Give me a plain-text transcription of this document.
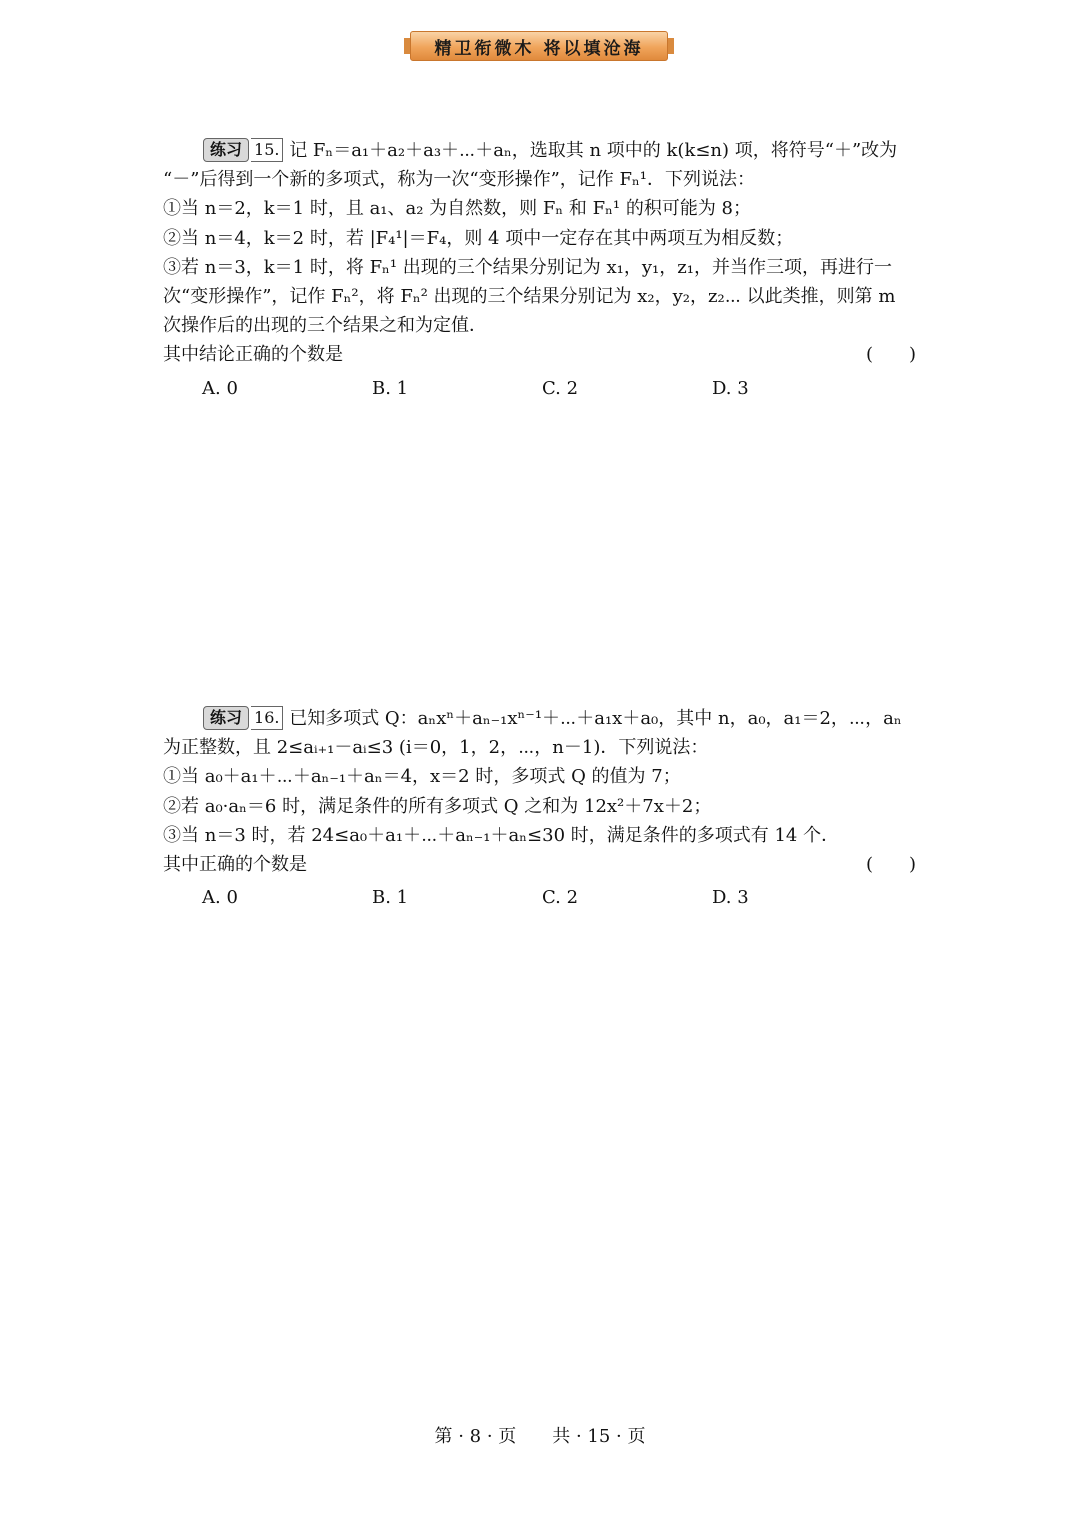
精卫衔微木 将以填沧海
练习 15. 记 Fₙ＝a₁＋a₂＋a₃＋⋯＋aₙ，选取其 n 项中的 k(k≤n) 项，将符号“＋”改为
“－”后得到一个新的多项式，称为一次“变形操作”，记作 Fₙ¹．下列说法：
①当 n＝2，k＝1 时，且 a₁、a₂ 为自然数，则 Fₙ 和 Fₙ¹ 的积可能为 8；
②当 n＝4，k＝2 时，若 |F₄¹|＝F₄，则 4 项中一定存在其中两项互为相反数；
③若 n＝3，k＝1 时，将 Fₙ¹ 出现的三个结果分别记为 x₁，y₁，z₁，并当作三项，再进行一
次“变形操作”，记作 Fₙ²，将 Fₙ² 出现的三个结果分别记为 x₂，y₂，z₂⋯ 以此类推，则第 m
次操作后的出现的三个结果之和为定值．
其中结论正确的个数是	(　　)
A. 0	B. 1	C. 2	D. 3
练习 16. 已知多项式 Q：aₙxⁿ＋aₙ₋₁xⁿ⁻¹＋⋯＋a₁x＋a₀，其中 n，a₀，a₁＝2，⋯，aₙ
为正整数，且 2≤aᵢ₊₁－aᵢ≤3 (i＝0，1，2，⋯，n－1)．下列说法：
①当 a₀＋a₁＋⋯＋aₙ₋₁＋aₙ＝4，x＝2 时，多项式 Q 的值为 7；
②若 a₀·aₙ＝6 时，满足条件的所有多项式 Q 之和为 12x²＋7x＋2；
③当 n＝3 时，若 24≤a₀＋a₁＋⋯＋aₙ₋₁＋aₙ≤30 时，满足条件的多项式有 14 个．
其中正确的个数是	(　　)
A. 0	B. 1	C. 2	D. 3
第 · 8 · 页　　共 · 15 · 页
